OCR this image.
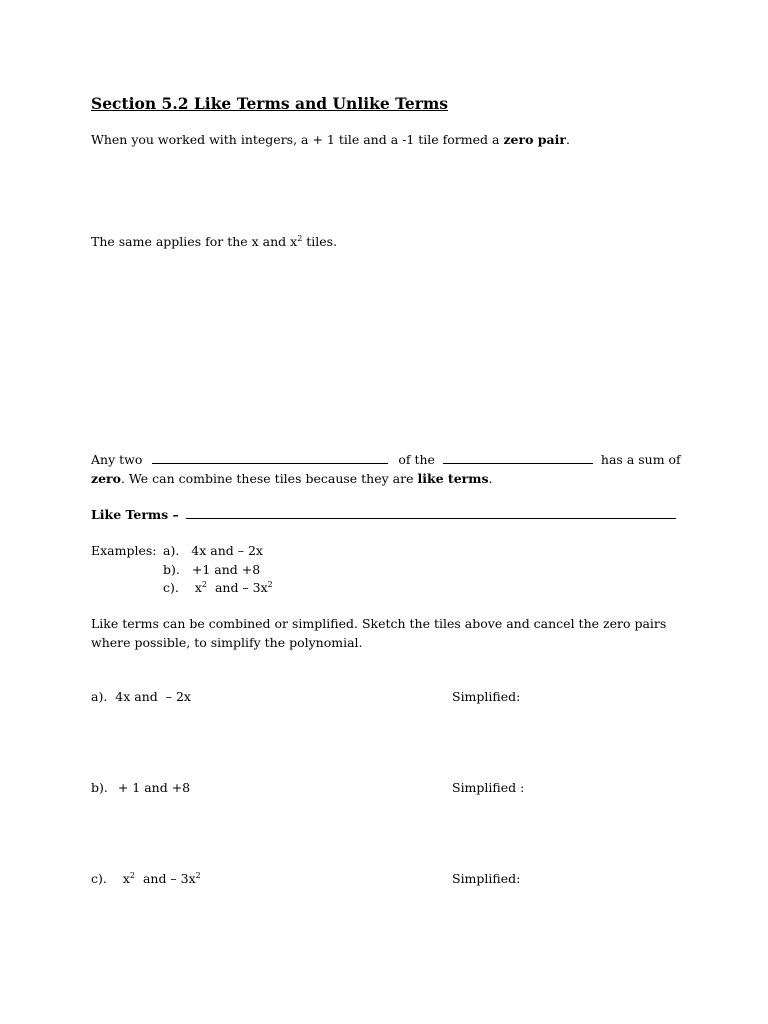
Section 5.2 Like Terms and Unlike Terms
When you worked with integers, a + 1 tile and a -1 tile formed a zero pair.
The same applies for the x and $x^2$ tiles.
Any two	of the	has a sum of
zero. We can combine these tiles because they are like terms.
Like Terms –
Examples: a). 4x and – 2x
b). +1 and +8
c). $x^2$  and – $3x^2$
Like terms can be combined or simplified. Sketch the tiles above and cancel the zero pairs
where possible, to simplify the polynomial.
a). 4x and  – 2x	Simplified:
b). + 1 and +8	Simplified :
c). $x^2$  and – $3x^2$	Simplified:
